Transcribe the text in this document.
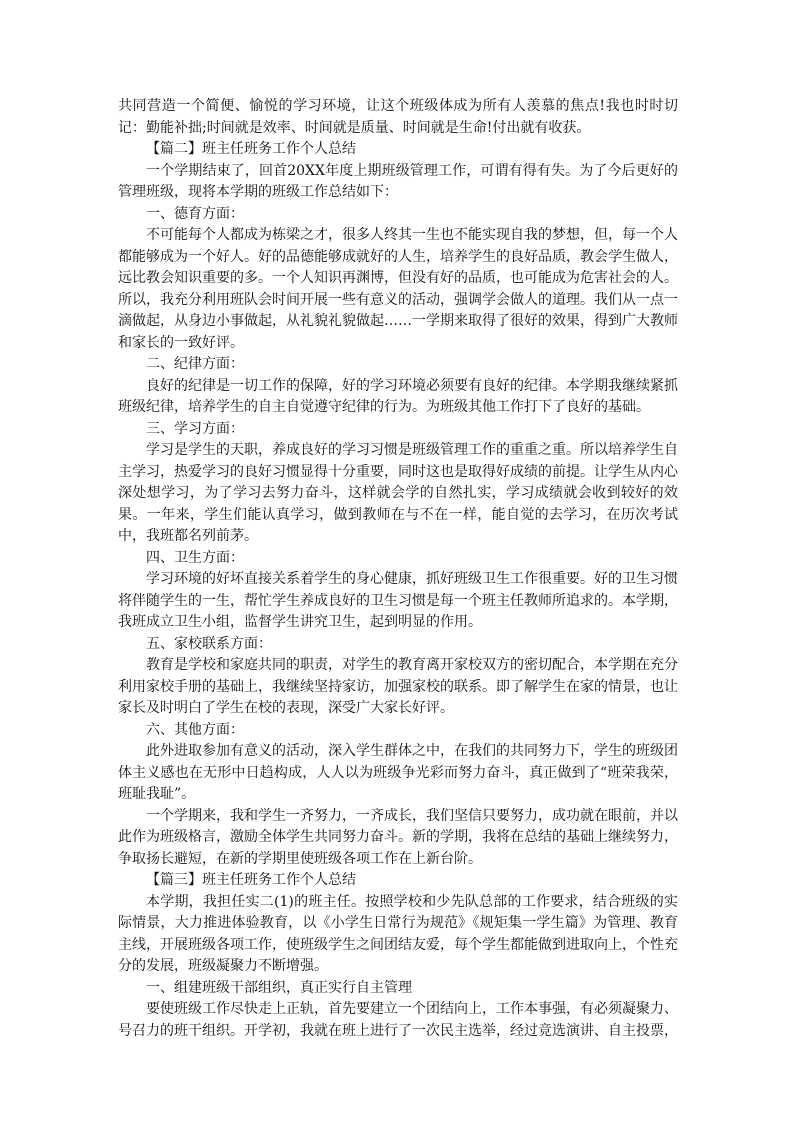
共同营造一个简便、愉悦的学习环境，让这个班级体成为所有人羡慕的焦点!我也时时切记：勤能补拙;时间就是效率、时间就是质量、时间就是生命!付出就有收获。

【篇二】班主任班务工作个人总结

一个学期结束了，回首20XX年度上期班级管理工作，可谓有得有失。为了今后更好的管理班级，现将本学期的班级工作总结如下：

一、德育方面：

不可能每个人都成为栋梁之才，很多人终其一生也不能实现自我的梦想，但，每一个人都能够成为一个好人。好的品德能够成就好的人生，培养学生的良好品质，教会学生做人，远比教会知识重要的多。一个人知识再渊博，但没有好的品质，也可能成为危害社会的人。所以，我充分利用班队会时间开展一些有意义的活动，强调学会做人的道理。我们从一点一滴做起，从身边小事做起，从礼貌礼貌做起……一学期来取得了很好的效果，得到广大教师和家长的一致好评。

二、纪律方面：

良好的纪律是一切工作的保障，好的学习环境必须要有良好的纪律。本学期我继续紧抓班级纪律，培养学生的自主自觉遵守纪律的行为。为班级其他工作打下了良好的基础。

三、学习方面：

学习是学生的天职，养成良好的学习习惯是班级管理工作的重重之重。所以培养学生自主学习，热爱学习的良好习惯显得十分重要，同时这也是取得好成绩的前提。让学生从内心深处想学习，为了学习去努力奋斗，这样就会学的自然扎实，学习成绩就会收到较好的效果。一年来，学生们能认真学习，做到教师在与不在一样，能自觉的去学习，在历次考试中，我班都名列前茅。

四、卫生方面：

学习环境的好坏直接关系着学生的身心健康，抓好班级卫生工作很重要。好的卫生习惯将伴随学生的一生，帮忙学生养成良好的卫生习惯是每一个班主任教师所追求的。本学期，我班成立卫生小组，监督学生讲究卫生，起到明显的作用。

五、家校联系方面：

教育是学校和家庭共同的职责，对学生的教育离开家校双方的密切配合，本学期在充分利用家校手册的基础上，我继续坚持家访，加强家校的联系。即了解学生在家的情景，也让家长及时明白了学生在校的表现，深受广大家长好评。

六、其他方面：

此外进取参加有意义的活动，深入学生群体之中，在我们的共同努力下，学生的班级团体主义感也在无形中日趋构成，人人以为班级争光彩而努力奋斗，真正做到了“班荣我荣，班耻我耻”。

一个学期来，我和学生一齐努力，一齐成长，我们坚信只要努力，成功就在眼前，并以此作为班级格言，激励全体学生共同努力奋斗。新的学期，我将在总结的基础上继续努力，争取扬长避短，在新的学期里使班级各项工作在上新台阶。

【篇三】班主任班务工作个人总结

本学期，我担任实二(1)的班主任。按照学校和少先队总部的工作要求，结合班级的实际情景，大力推进体验教育，以《小学生日常行为规范》《规矩集一学生篇》为管理、教育主线，开展班级各项工作，使班级学生之间团结友爱，每个学生都能做到进取向上，个性充分的发展，班级凝聚力不断增强。

一、组建班级干部组织，真正实行自主管理

要使班级工作尽快走上正轨，首先要建立一个团结向上，工作本事强，有必须凝聚力、号召力的班干组织。开学初，我就在班上进行了一次民主选举，经过竞选演讲、自主投票，
